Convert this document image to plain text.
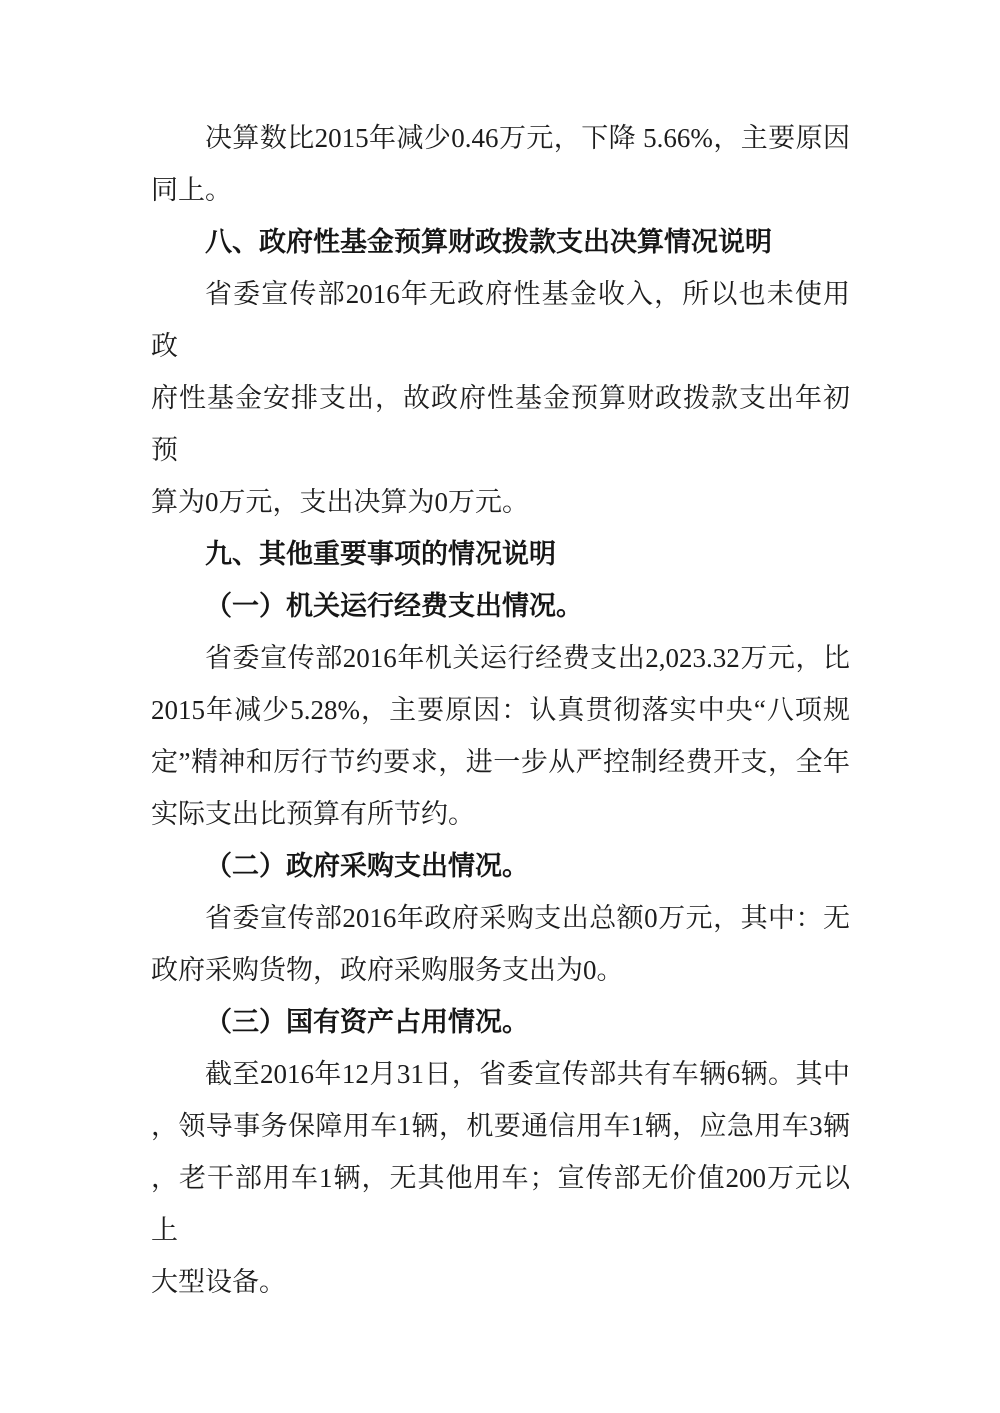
决算数比2015年减少0.46万元，下降 5.66%，主要原因
同上。
八、政府性基金预算财政拨款支出决算情况说明
省委宣传部2016年无政府性基金收入，所以也未使用政
府性基金安排支出，故政府性基金预算财政拨款支出年初预
算为0万元，支出决算为0万元。
九、其他重要事项的情况说明
（一）机关运行经费支出情况。
省委宣传部2016年机关运行经费支出2,023.32万元，比
2015年减少5.28%，主要原因：认真贯彻落实中央“八项规
定”精神和厉行节约要求，进一步从严控制经费开支，全年
实际支出比预算有所节约。
（二）政府采购支出情况。
省委宣传部2016年政府采购支出总额0万元，其中：无
政府采购货物，政府采购服务支出为0。
（三）国有资产占用情况。
截至2016年12月31日，省委宣传部共有车辆6辆。其中
，领导事务保障用车1辆，机要通信用车1辆，应急用车3辆
，老干部用车1辆，无其他用车；宣传部无价值200万元以上
大型设备。
